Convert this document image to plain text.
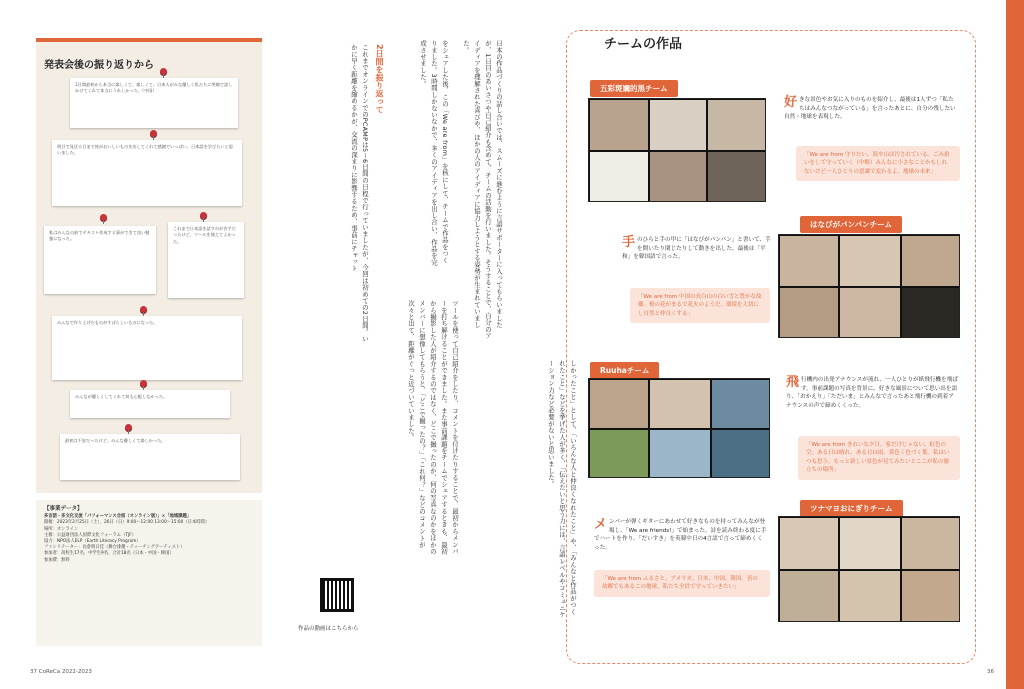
発表会後の振り返りから
2日間最初から本当に楽しくて、楽しくて。日本人がみな優しく私たちに笑顔で話しかけてくれて本当にうれしかった。（中国）
明日で見送る日まで皆がおいしいものを出してくれて感謝でいっぱい。日本語を学びたいと思いました。
私はみんなの前でテキスト作成する事ができて良い勉強になった。
これまで日本語を話すのが苦手だったけど、ツールを使えてよかった。
みんなで作り上げたものがすばらしいものになった。
みんなが優しくしてくれて何も心配しなかった。
最初は不安だったけど、みんな優しくて楽しかった。
【事業データ】
多言語・多文化交流「パフォーマンス合宿（オンライン版）」×「地域課題」
開催：2023年2月25日（土）、26日（日）9:00〜12:00 13:00〜15:00（日本時間）
場所：オンライン
主催：公益財団法人国際文化フォーラム（TJF）
協力：NPO法人ELP（Earth Literacy Program）
ファシリテーター：長倉明日佳（舞台俳優・ティーチングアーティスト）
参加者：高校生17名、中学生9名、合計18名（日本・中国・韓国）
参加費：無料
をシェアした後、この「We are from」を核にして、チームで作品をつくりました。3時間しかないなかで、多くのアイディアを出し合い、作品を完成させました。
2日間を振り返って
これまでオンラインでのPCAMPは5〜6日間の日程で行っていましたが、今回は初めての2日間。いかに早く距離を縮めるかが、交流の深まりに影響するため、事前にチャット
ツールを使って自己紹介をしたり、コメントを付けたりすることで、最初からメンバーを打ち解けることができました。また事前課題をチームでシェアするときも、最初から撮影した人が紹介するのではなく、どこで撮ったのか、何の写真なのかをほかのメンバーに想像してもらうと、「どこで撮ったの？」「これ何？」などのコメントが次々と出て、距離がぐっと近づいていました。
日本の作品づくりの話し合いでは、スムーズに進むように言語サポーターに入ってもらいましたが、1日目のあいさつや自己紹介も含めて、チームの活動を行いました。そうすることで、自分のアイディアを理解された喜びや、ほかの人のアイディアに協力しようとする姿勢が生まれていました。
作品の動画はこちらから
37 CoReCa 2022-2023
しかったこと」として、「いろんな人と仲良くなれたこと」や、「みんなと作品がつくれたこと」などを挙げた人が多く、「伝えたいと思う力には、言語レベルやコミュニケーション力など必要がないと思いました。
36
チームの作品
五彩斑斓的黒チーム
好きな景色やお気に入りのものを紹介し、最後は1人ずつ「私たちはみんなつながっている」を言ったあとに、自分の残したい自然・地球を表現した。
「We are from 守りたい。海や山は汚されている。ごみ拾いをして守っていく（中略）みんなに小さなことかもしれないけど一人ひとりの意識で変わるよ、地球の未来」
はなびがパンパンチーム
手のひらと手の甲に「はなびがパンパン」と書いて、手を開いたり閉じたりして動きを出した。最後は「平和」を韓国語で言った。
「We are from 中国の長白山の白い雪と豊かな故郷。桜の花がまるで花火のようだ。環境を大切にし自然と仲良くする」
Ruuhaチーム
飛行機内の出発アナウンスが流れ、一人ひとりが紙飛行機を飛ばす。事前課題の写真を背景に、好きな風景について思い出を語り、「おかえり」「ただいま」とみんなで言ったあと飛行機の到着アナウンスの声で締めくくった。
「We are from きれいな夕日。家だけじゃない、虹色の空。ある日は晴れ、ある日は雨。黄色く色づく葉。私はいつも思う。もっと新しい景色が見てみたいとここが私の旅立ちの場所」
ツナマヨおにぎりチーム
メンバーが弾くギターにあわせて好きなものを持ってみんなが登場し、「We are friends!」で始まった。詩を読み終わる度に手でハートを作り、「だいすき」を英韓中日の4言語で言って締めくくった。
「We are from ふるさと。アメリカ、日本、中国、韓国、皆の故郷でもあるこの地球。私たち全員で守っていきたい」
